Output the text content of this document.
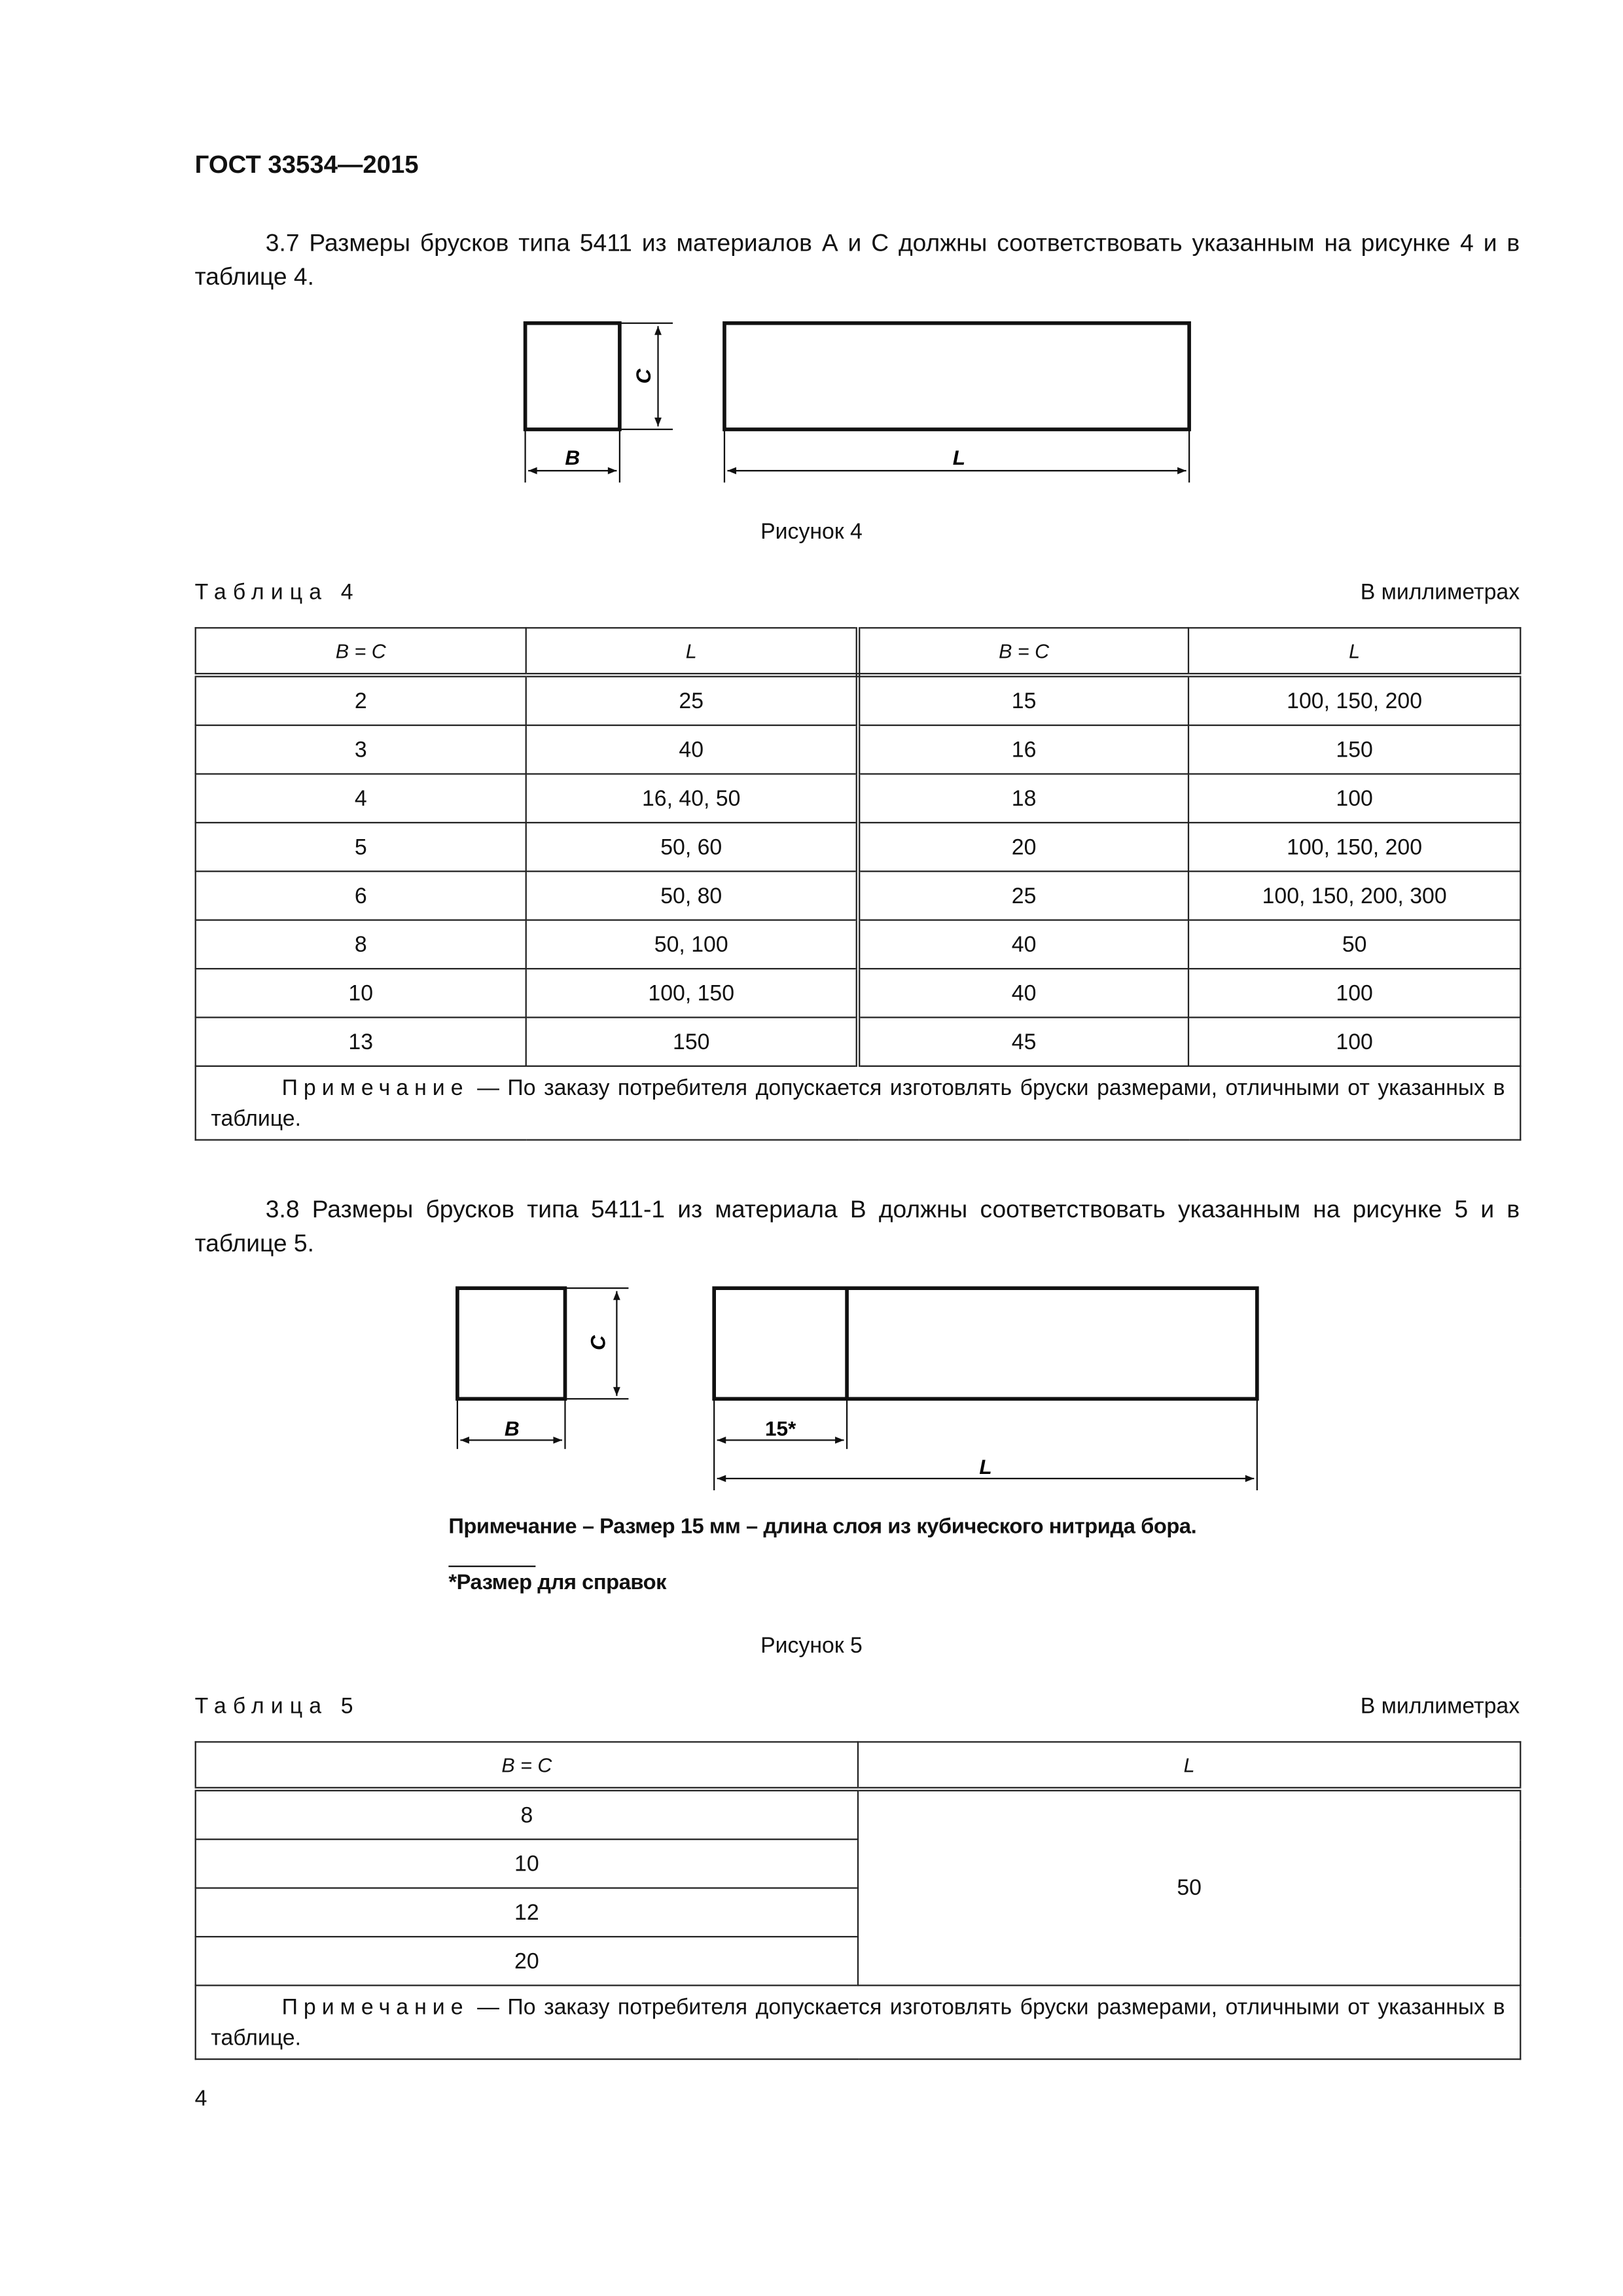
ГОСТ 33534—2015
3.7 Размеры брусков типа 5411 из материалов А и С должны соответствовать указанным на рисунке 4 и в таблице 4.
B
C
L
Рисунок 4
Таблица 4	В миллиметрах
B = C	L	B = C	L
2	25	15	100, 150, 200
3	40	16	150
4	16, 40, 50	18	100
5	50, 60	20	100, 150, 200
6	50, 80	25	100, 150, 200, 300
8	50, 100	40	50
10	100, 150	40	100
13	150	45	100
Примечание — По заказу потребителя допускается изготовлять бруски размерами, отличными от указанных в таблице.			
3.8 Размеры брусков типа 5411-1 из материала В должны соответствовать указанным на рисунке 5 и в таблице 5.
B
C
15*
L
Примечание – Размер 15 мм – длина слоя из кубического нитрида бора.
*Размер для справок
Рисунок 5
Таблица 5	В миллиметрах
B = C	L
8	50
10	
12	
20	
Примечание — По заказу потребителя допускается изготовлять бруски размерами, отличными от указанных в таблице.	
4
